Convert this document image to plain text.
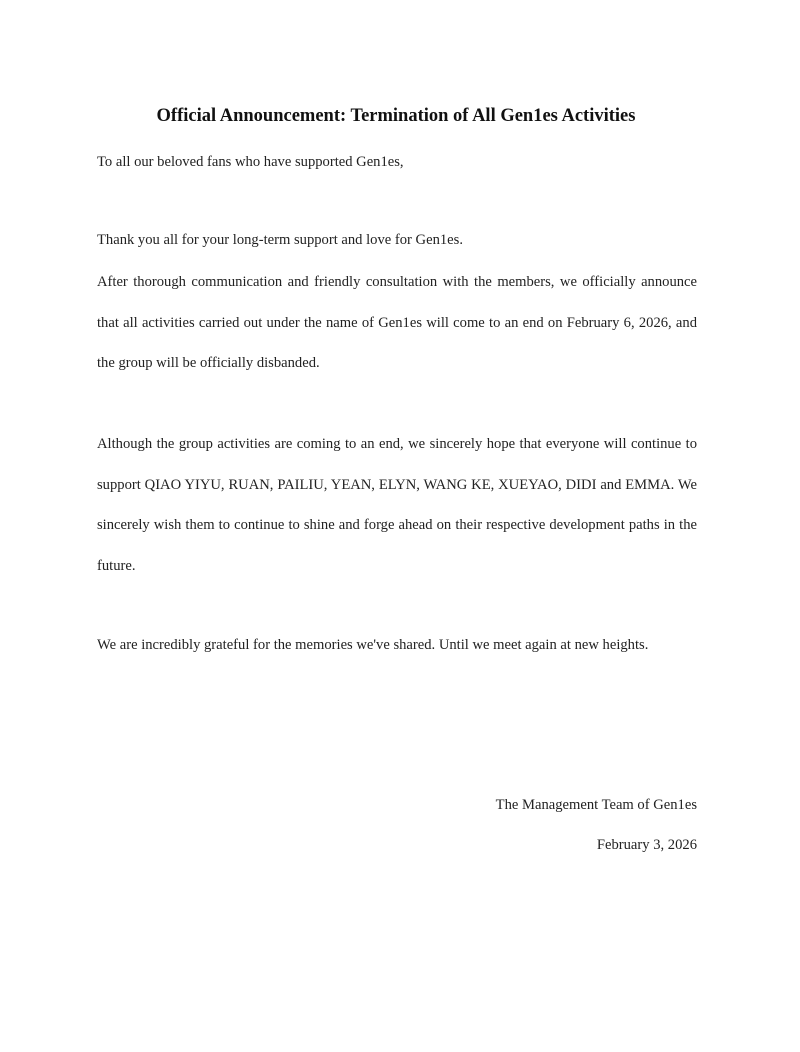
Official Announcement: Termination of All Gen1es Activities

To all our beloved fans who have supported Gen1es,

Thank you all for your long-term support and love for Gen1es.

After thorough communication and friendly consultation with the members, we officially announce that all activities carried out under the name of Gen1es will come to an end on February 6, 2026, and the group will be officially disbanded.

Although the group activities are coming to an end, we sincerely hope that everyone will continue to support QIAO YIYU, RUAN, PAILIU, YEAN, ELYN, WANG KE, XUEYAO, DIDI and EMMA. We sincerely wish them to continue to shine and forge ahead on their respective development paths in the future.

We are incredibly grateful for the memories we've shared. Until we meet again at new heights.

The Management Team of Gen1es

February 3, 2026
